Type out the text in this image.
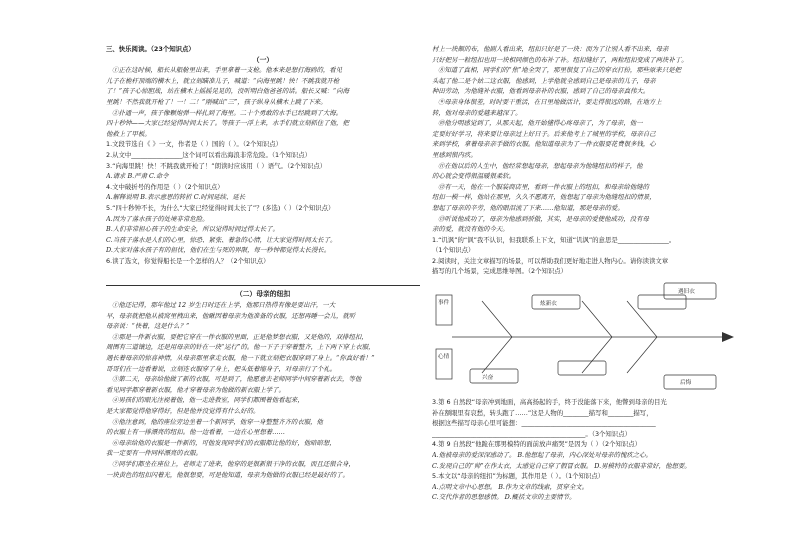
三、快乐阅读。（23个知识点）
（一）
①正在这时候，船长从船舱里出来，手里拿着一支枪。他本来是想打海鸥的，看见
儿子在桅杆顶端的横木上，就立刻瞄准儿子，喊道：“向海里跳！快！不跳我就开枪
了！”孩子心惊胆战，站在横木上摇摇晃晃的，没听明白他爸爸的话。船长又喊：“向海
里跳！不然我就开枪了！一！二！”刚喊出“三”，孩子纵身从横木上跳了下来。
②扑通一声，孩子像颗炮弹一样扎到了海里。二十个勇敢的水手已经跳到了大海。
四十秒钟——大家已经觉得时间太长了。等孩子一浮上来，水手们就立刻抓住了他，把
他救上了甲板。
1.文段节选自《 》一文，作者是（ ）国的（ ）。（2个知识点）
2.从文中________________这个词可以看出海浪非常危险。（1个知识点）
3.“向海里跳！快！不跳我就开枪了！”朗读时应该用（ ）语气。（2个知识点）
A.请求 B.严肃 C.命令
4.文中破折号的作用是（ ）（2个知识点）
A.解释说明 B.表示意思的转折 C.时间延续、延长
5.“四十秒钟不长，为什么“大家已经觉得时间太长了”？(多选)（ ）（2个知识点）
A.因为了落水孩子的处境非常危险。
B.人们非常担心孩子的生命安全，所以觉得时间过得太长了。
C.当孩子落水是人们的心里，惊恐、紧张、着急的心情，让大家觉得时间太长了。
D.大家对落水孩子有的担忧，他们在生与死的界限，每一秒钟都觉得太长漫长。
6.读了选文，你觉得船长是一个怎样的人？（2个知识点）
（二）母亲的纽扣
①他还记得，那年他过 12 岁生日时还在上学，他那日热得有像是要出汗，一大
早，母亲就把他从被窝里拽出来，他瞅因着母亲为他准备的衣服，还想再睡一会儿，就听
母亲说：“快着，这是什么？”
②那是一件新衣服，要把它穿在一件衣服的里面，正是他梦想衣服，又是他的，双排纽扣，
周围有三道镶边，还是用母亲的针在一块“运行”的。他一下子于穿着整齐，上下两下穿上衣服，
遇长着母亲的惊喜神情，从母亲那里拿走衣服，他一下就立刻把衣服穿到了身上。“你真好看！”
哥哥们在一边看着说，立刻连衣服穿了身上，把头低着缩身子，对母亲行了个礼。
③第二天，母亲给他做了新的衣服，可是到了，他愿意去老师同学中间穿着新衣去，等他
看见同学都穿着新衣服，他才穿着母亲为他做的新衣服上学了。
④男孩们的眼光注视着他，他一走进教室，同学们都围着他看起来，
是大家都觉得他穿得好，但是他并没觉得有什么好的。
⑤他注意到，他的座位旁边坐着一个新同学，他穿一身整整齐齐的衣服，他
的衣服上有一排漂亮的纽扣。他一边看着，一边在心里想着……
⑥母亲给他的衣服是一件新的，可他发现同学们的衣服都比他的好，他暗暗想，
我一定要有一件同样漂亮的衣服。
⑦同学们都坐在座位上，老师走了进来，他穿的是很新很干净的衣服，而且还很合身，
一块黄色的纽扣闪着光，他很想要，可是他知道，母亲为他做的衣服已经是最好的了。
村上一块颇的布，他剧人看出来，纽扣只好是了一块：而为了让别人看不出来，母亲
只好把另一粒纽扣也用一块相同颜色的布补了补。纽扣缝好了，两粒纽扣变成了两块补丁。
⑧知道了真相，同学们的“焦”地全哭了，那里很复了自己的穿衣打扮，那些原来只是把
头起了他二是个姑二这衣服，他感到，上学他就全感到自己是母亲的儿子，母亲
种田劳动，为他缝补衣服，他看到母亲补的衣服，感到了自己的母亲真伟大。
⑨母亲身体很差，时时要干重活，在日里地做活计，要走得很远的路，在地方上
转，他对母亲的爱越来越深了。
⑩他分明感觉到了，从那天起，他开始懂得心疼母亲了，为了母亲，他一
定要好好学习，将来要让母亲过上好日子。后来他考上了城里的学校，母亲自己
来到学校，拿着母亲亲手做的衣服。他知道母亲为了一件衣服要花费很多钱，心
里感到很内疚。
⑪在他以后的人生中，他经常想起母亲，想起母亲为他缝纽扣的样子，他
的心就会变得很温暖很柔软。
⑫有一天，他在一个服装商店里，看到一件衣服上的纽扣，和母亲给他缝的
纽扣一模一样，他站在那里，久久不愿离开，他想起了母亲为他缝纽扣的情景，
想起了母亲的辛劳，他的眼泪流了下来……他知道，那是母亲的爱。
⑬听说他成功了，母亲为他感到骄傲，其实，是母亲的爱使他成功，没有母
亲的爱，就没有他的今天。
1.“讥讽”的“讽”我不认识，但我联系上下文，知道“讥讽”的意思是________________。
（1个知识点）
2.阅读时，关注文章描写的场景，可以帮助我们更好地走进人物内心。请你读读文章
描写的几个场景，完成思维导图。（2个知识点）
事件
心情
炫新衣
兴奋
遇旧衣
后悔
3.第 6 自然段“母亲冲到地面，高高扬起的手，终于没能落下来，他瞥到母亲的目光
补在额眼里有哀愁，转头跑了……”这是人物的________描写和________描写，
根据这些描写母亲心里可能想：__________________________________________
________________________________________________。（3个知识点）
4.第 9 自然段“他跪在那男模特的面前放声痛哭”是因为（ ）（2个知识点）
A.他被母亲的爱深深感动了。 B.他想起了母亲，内心深处对母亲的愧疚之心。
C.发现自己的“帅”在作太衣，太感觉自己穿了假冒衣服。 D.男模特的衣服非常好，他想要。
5.本文以“母亲的纽扣”为标题，其作用是（ ）。（1个知识点）
A.点明文章中心思想。 B.作为文章的线索，贯穿全文。
C.交代作者的思想感情。 D.概括文章的主要情节。
